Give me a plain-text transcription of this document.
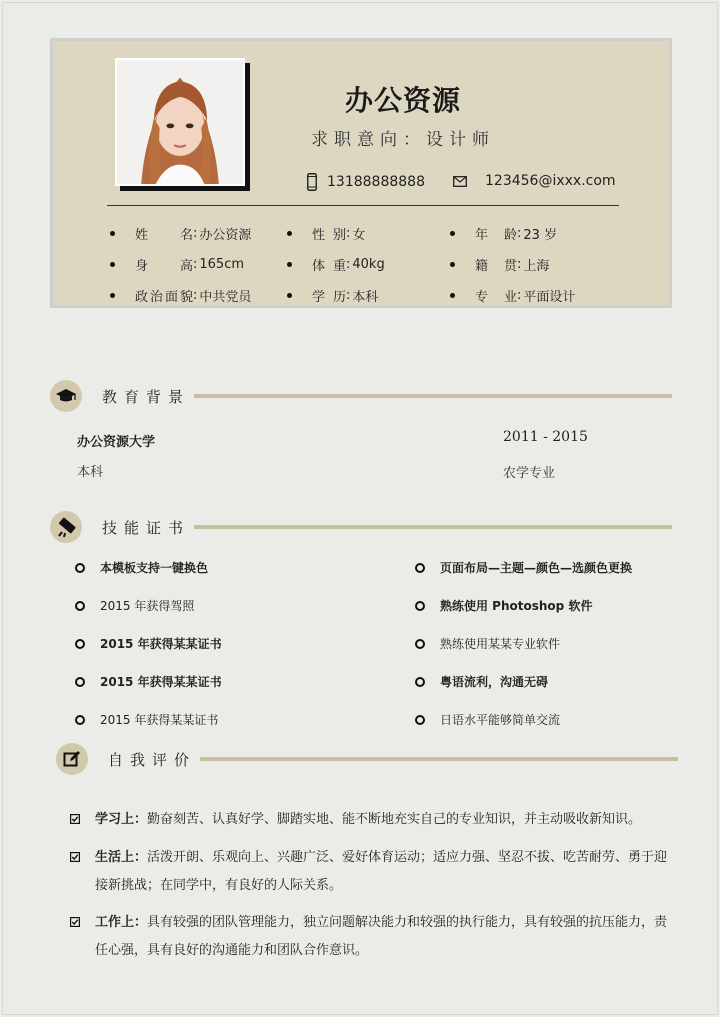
办公资源
求职意向：设计师
13188888888	123456@ixxx.com
姓名 : 办公资源	性别 : 女	年龄 : 23 岁
身高 : 165cm	体重 : 40kg	籍贯 : 上海
政治面貌 : 中共党员	学历 : 本科	专业 : 平面设计
教育背景
办公资源大学	2011 - 2015
本科	农学专业
技能证书
本模板支持一键换色
2015 年获得驾照
2015 年获得某某证书
2015 年获得某某证书
2015 年获得某某证书
页面布局—主题—颜色—选颜色更换
熟练使用 Photoshop 软件
熟练使用某某专业软件
粤语流利，沟通无碍
日语水平能够简单交流
自我评价
学习上：勤奋刻苦、认真好学、脚踏实地、能不断地充实自己的专业知识，并主动吸收新知识。
生活上：活泼开朗、乐观向上、兴趣广泛、爱好体育运动；适应力强、坚忍不拔、吃苦耐劳、勇于迎接新挑战；在同学中，有良好的人际关系。
工作上：具有较强的团队管理能力，独立问题解决能力和较强的执行能力，具有较强的抗压能力，责任心强，具有良好的沟通能力和团队合作意识。
